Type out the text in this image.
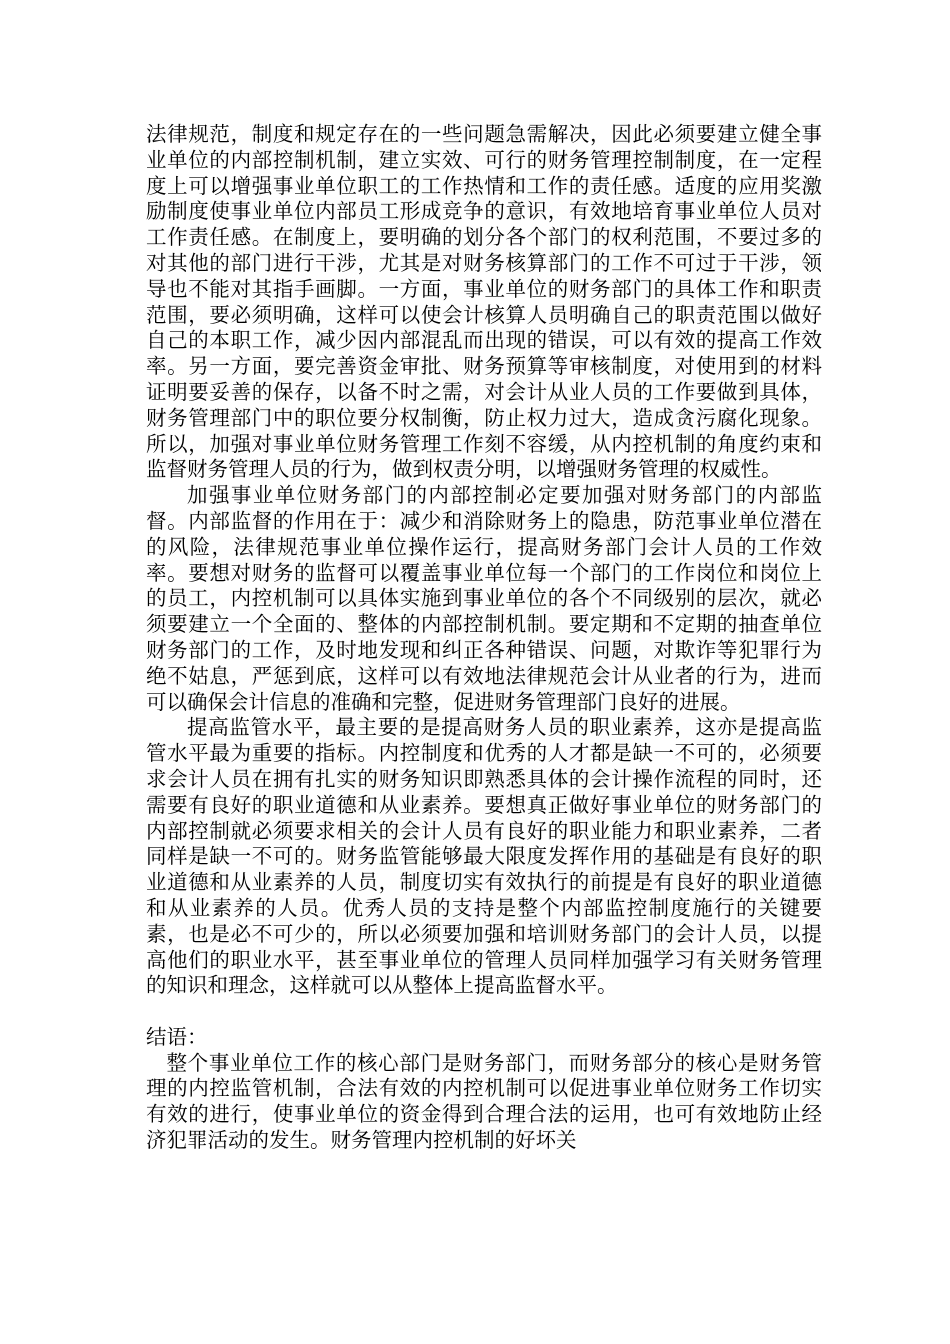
法律规范，制度和规定存在的一些问题急需解决，因此必须要建立健全事业单位的内部控制机制，建立实效、可行的财务管理控制制度，在一定程度上可以增强事业单位职工的工作热情和工作的责任感。适度的应用奖激励制度使事业单位内部员工形成竞争的意识，有效地培育事业单位人员对工作责任感。在制度上，要明确的划分各个部门的权利范围，不要过多的对其他的部门进行干涉，尤其是对财务核算部门的工作不可过于干涉，领导也不能对其指手画脚。一方面，事业单位的财务部门的具体工作和职责范围，要必须明确，这样可以使会计核算人员明确自己的职责范围以做好自己的本职工作，减少因内部混乱而出现的错误，可以有效的提高工作效率。另一方面，要完善资金审批、财务预算等审核制度，对使用到的材料证明要妥善的保存，以备不时之需，对会计从业人员的工作要做到具体，财务管理部门中的职位要分权制衡，防止权力过大，造成贪污腐化现象。所以，加强对事业单位财务管理工作刻不容缓，从内控机制的角度约束和监督财务管理人员的行为，做到权责分明，以增强财务管理的权威性。

加强事业单位财务部门的内部控制必定要加强对财务部门的内部监督。内部监督的作用在于：减少和消除财务上的隐患，防范事业单位潜在的风险，法律规范事业单位操作运行，提高财务部门会计人员的工作效率。要想对财务的监督可以覆盖事业单位每一个部门的工作岗位和岗位上的员工，内控机制可以具体实施到事业单位的各个不同级别的层次，就必须要建立一个全面的、整体的内部控制机制。要定期和不定期的抽查单位财务部门的工作，及时地发现和纠正各种错误、问题，对欺诈等犯罪行为绝不姑息，严惩到底，这样可以有效地法律规范会计从业者的行为，进而可以确保会计信息的准确和完整，促进财务管理部门良好的进展。

提高监管水平，最主要的是提高财务人员的职业素养，这亦是提高监管水平最为重要的指标。内控制度和优秀的人才都是缺一不可的，必须要求会计人员在拥有扎实的财务知识即熟悉具体的会计操作流程的同时，还需要有良好的职业道德和从业素养。要想真正做好事业单位的财务部门的内部控制就必须要求相关的会计人员有良好的职业能力和职业素养，二者同样是缺一不可的。财务监管能够最大限度发挥作用的基础是有良好的职业道德和从业素养的人员，制度切实有效执行的前提是有良好的职业道德和从业素养的人员。优秀人员的支持是整个内部监控制度施行的关键要素，也是必不可少的，所以必须要加强和培训财务部门的会计人员，以提高他们的职业水平，甚至事业单位的管理人员同样加强学习有关财务管理的知识和理念，这样就可以从整体上提高监督水平。

结语：

整个事业单位工作的核心部门是财务部门，而财务部分的核心是财务管理的内控监管机制，合法有效的内控机制可以促进事业单位财务工作切实有效的进行，使事业单位的资金得到合理合法的运用，也可有效地防止经济犯罪活动的发生。财务管理内控机制的好坏关
